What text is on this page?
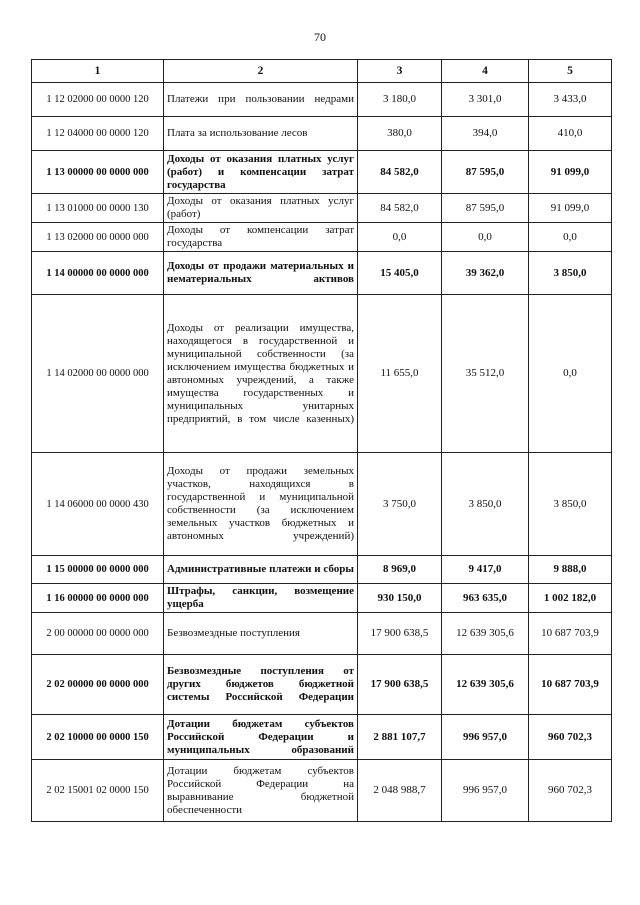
70
1	2	3	4	5
1 12 02000 00 0000 120	Платежи при пользовании недрами	3 180,0	3 301,0	3 433,0
1 12 04000 00 0000 120	Плата за использование лесов	380,0	394,0	410,0
1 13 00000 00 0000 000	Доходы от оказания платных услуг (работ) и компенсации затрат государства	84 582,0	87 595,0	91 099,0
1 13 01000 00 0000 130	Доходы от оказания платных услуг (работ)	84 582,0	87 595,0	91 099,0
1 13 02000 00 0000 000	Доходы от компенсации затрат государства	0,0	0,0	0,0
1 14 00000 00 0000 000	Доходы от продажи материальных и нематериальных активов	15 405,0	39 362,0	3 850,0
1 14 02000 00 0000 000	Доходы от реализации имущества, находящегося в государственной и муниципальной собственности (за исключением имущества бюджетных и автономных учреждений, а также имущества государственных и муниципальных унитарных предприятий, в том числе казенных)	11 655,0	35 512,0	0,0
1 14 06000 00 0000 430	Доходы от продажи земельных участков, находящихся в государственной и муниципальной собственности (за исключением земельных участков бюджетных и автономных учреждений)	3 750,0	3 850,0	3 850,0
1 15 00000 00 0000 000	Административные платежи и сборы	8 969,0	9 417,0	9 888,0
1 16 00000 00 0000 000	Штрафы, санкции, возмещение ущерба	930 150,0	963 635,0	1 002 182,0
2 00 00000 00 0000 000	Безвозмездные поступления	17 900 638,5	12 639 305,6	10 687 703,9
2 02 00000 00 0000 000	Безвозмездные поступления от других бюджетов бюджетной системы Российской Федерации	17 900 638,5	12 639 305,6	10 687 703,9
2 02 10000 00 0000 150	Дотации бюджетам субъектов Российской Федерации и муниципальных образований	2 881 107,7	996 957,0	960 702,3
2 02 15001 02 0000 150	Дотации бюджетам субъектов Российской Федерации на выравнивание бюджетной обеспеченности	2 048 988,7	996 957,0	960 702,3
